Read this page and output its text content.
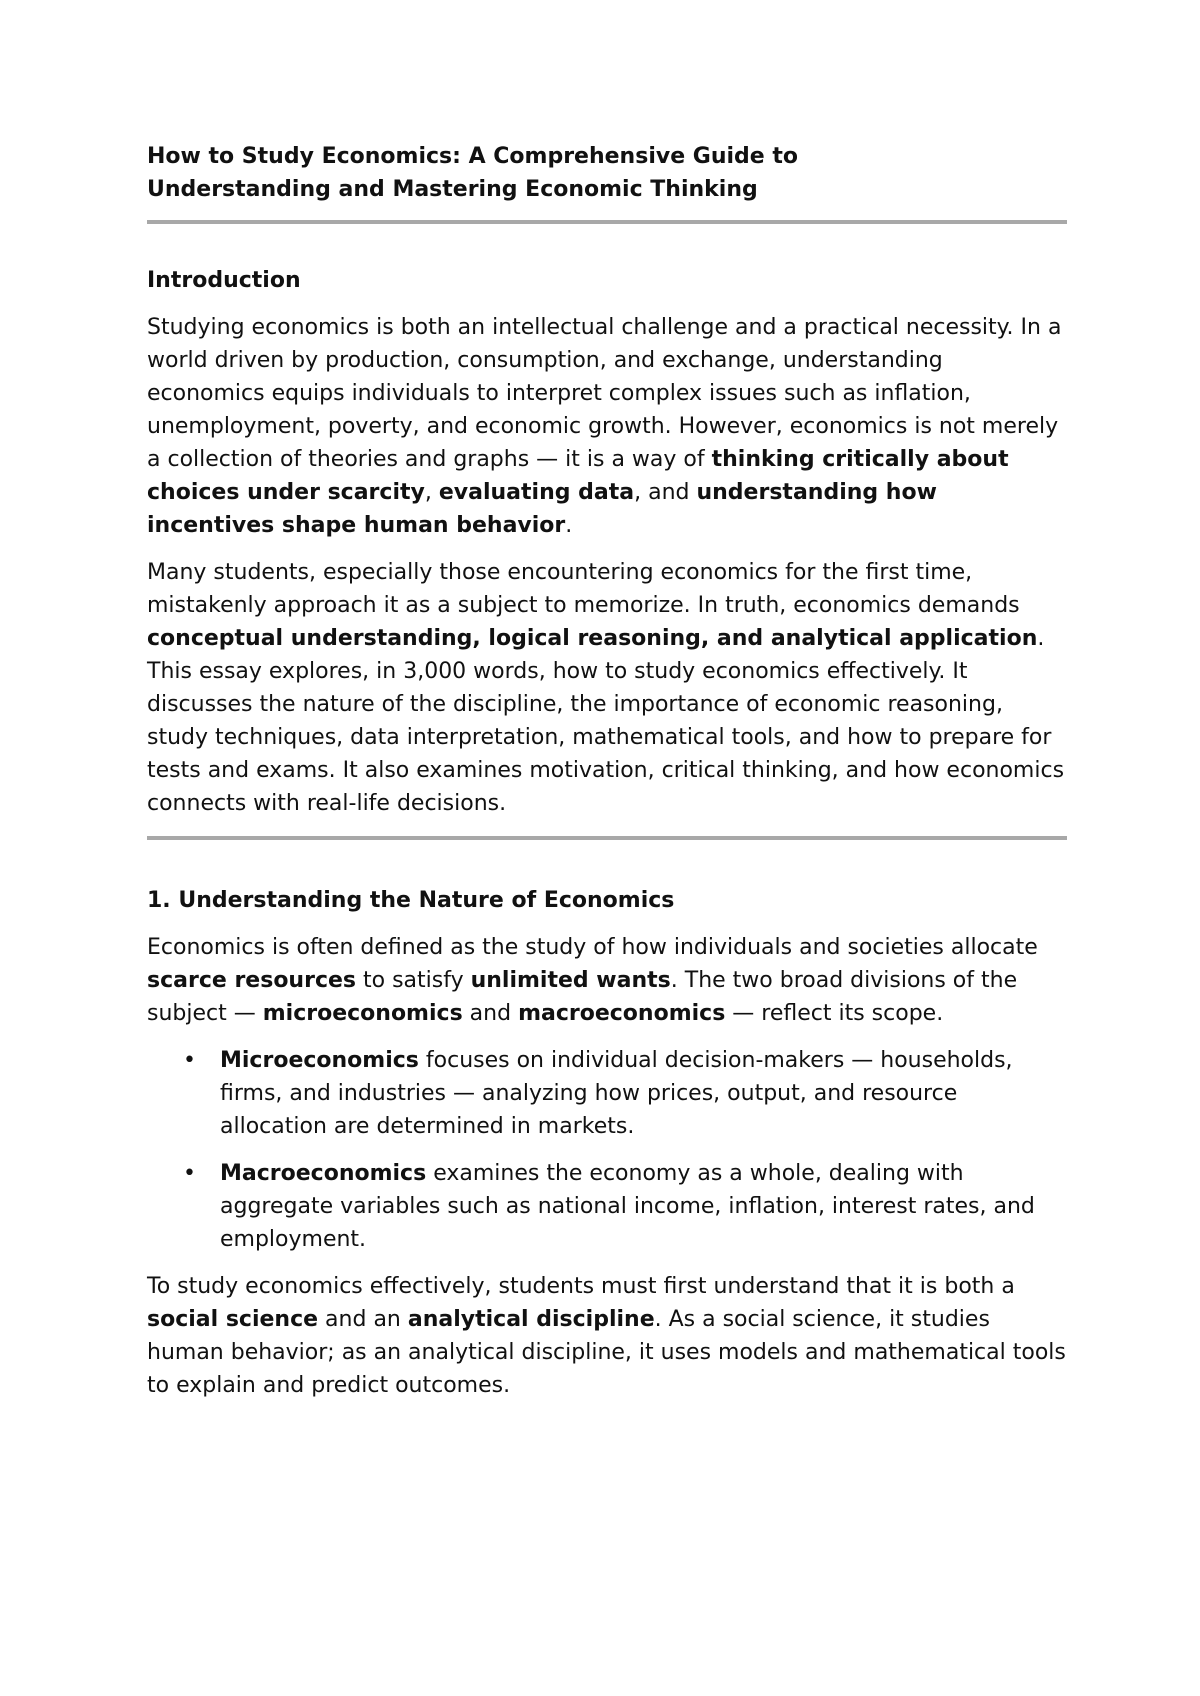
How to Study Economics: A Comprehensive Guide to
Understanding and Mastering Economic Thinking
Introduction

Studying economics is both an intellectual challenge and a practical necessity. In a world driven by production, consumption, and exchange, understanding economics equips individuals to interpret complex issues such as inflation, unemployment, poverty, and economic growth. However, economics is not merely a collection of theories and graphs — it is a way of thinking critically about choices under scarcity, evaluating data, and understanding how incentives shape human behavior.

Many students, especially those encountering economics for the first time, mistakenly approach it as a subject to memorize. In truth, economics demands conceptual understanding, logical reasoning, and analytical application. This essay explores, in 3,000 words, how to study economics effectively. It discusses the nature of the discipline, the importance of economic reasoning, study techniques, data interpretation, mathematical tools, and how to prepare for tests and exams. It also examines motivation, critical thinking, and how economics connects with real-life decisions.

1. Understanding the Nature of Economics

Economics is often defined as the study of how individuals and societies allocate scarce resources to satisfy unlimited wants. The two broad divisions of the subject — microeconomics and macroeconomics — reflect its scope.

• Microeconomics focuses on individual decision-makers — households, firms, and industries — analyzing how prices, output, and resource allocation are determined in markets.
• Macroeconomics examines the economy as a whole, dealing with aggregate variables such as national income, inflation, interest rates, and employment.

To study economics effectively, students must first understand that it is both a social science and an analytical discipline. As a social science, it studies human behavior; as an analytical discipline, it uses models and mathematical tools to explain and predict outcomes.
